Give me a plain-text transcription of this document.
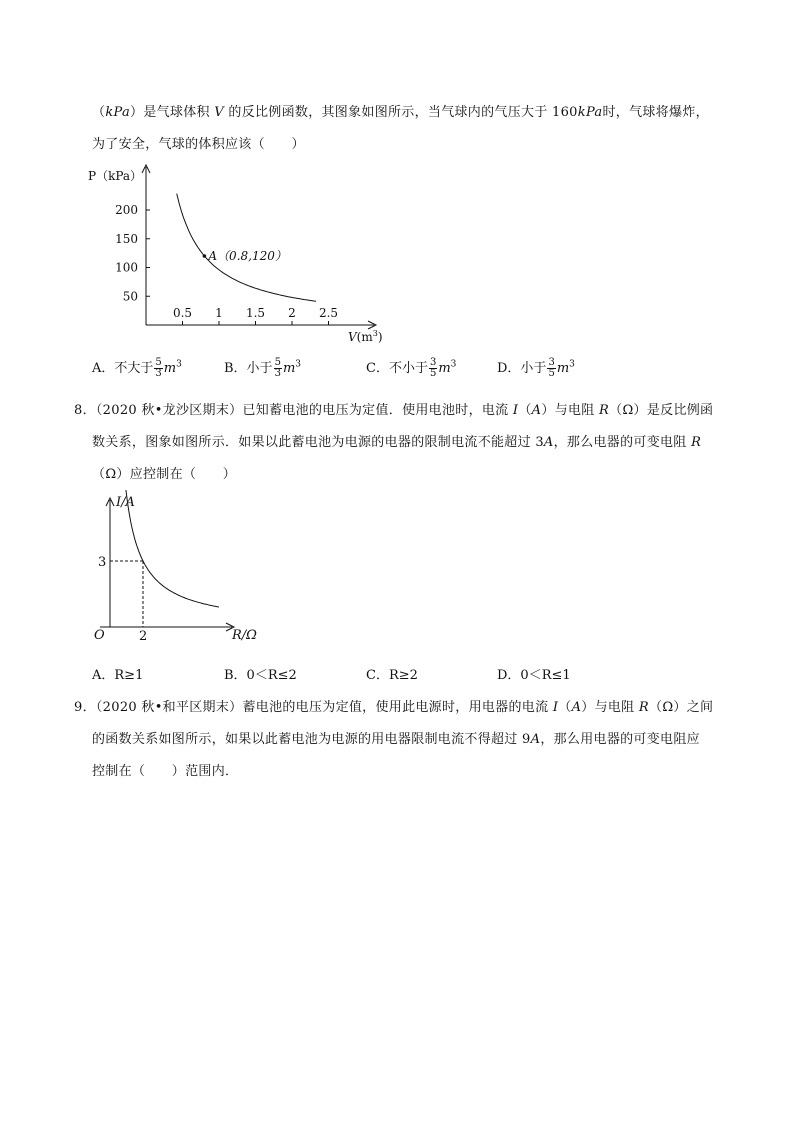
（kPa）是气球体积 V 的反比例函数，其图象如图所示，当气球内的气压大于 160kPa时，气球将爆炸，
为了安全，气球的体积应该（　　）
P（kPa）
$V(m^3)$
50
100
150
200
0.5 1 1.5 2 2.5
A（0.8,120）
A．不大于 $\frac{5}{3} m^3$	B．小于 $\frac{5}{3} m^3$	C．不小于 $\frac{3}{5} m^3$	D．小于 $\frac{3}{5} m^3$
8．（2020 秋•龙沙区期末）已知蓄电池的电压为定值．使用电池时，电流 I（A）与电阻 R（Ω）是反比例函
数关系，图象如图所示．如果以此蓄电池为电源的电器的限制电流不能超过 3A，那么电器的可变电阻 R
（Ω）应控制在（　　）
I/A
R/Ω
O
3
2
A．R≥1	B．0＜R≤2	C．R≥2	D．0＜R≤1
9．（2020 秋•和平区期末）蓄电池的电压为定值，使用此电源时，用电器的电流 I（A）与电阻 R（Ω）之间
的函数关系如图所示，如果以此蓄电池为电源的用电器限制电流不得超过 9A，那么用电器的可变电阻应
控制在（　　）范围内．
